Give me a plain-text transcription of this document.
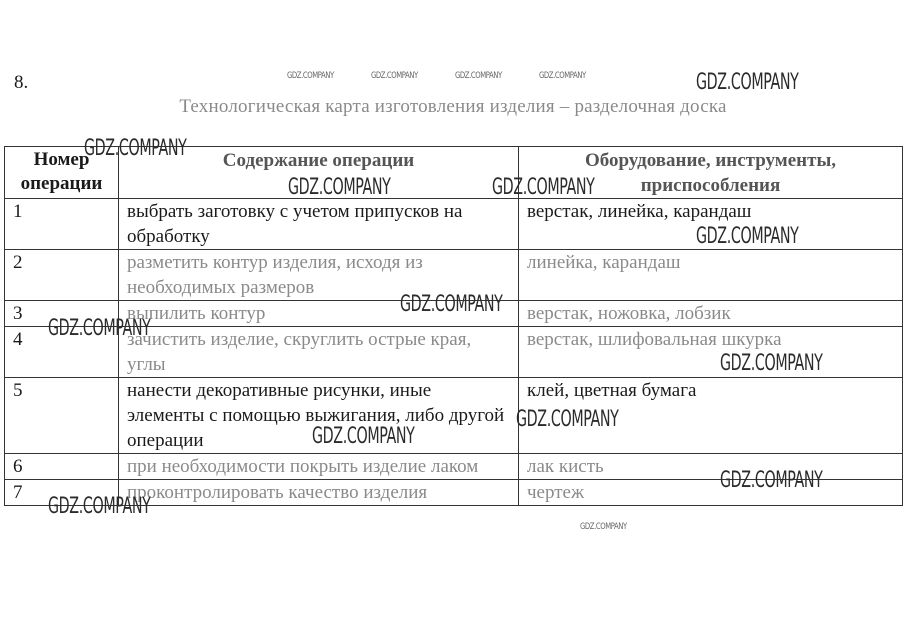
8.
Технологическая карта изготовления изделия – разделочная доска
Номер операции	Содержание операции	Оборудование, инструменты, приспособления
1	выбрать заготовку с учетом припусков на обработку	верстак, линейка, карандаш
2	разметить контур изделия, исходя из необходимых размеров	линейка, карандаш
3	выпилить контур	верстак, ножовка, лобзик
4	зачистить изделие, скруглить острые края, углы	верстак, шлифовальная шкурка
5	нанести декоративные рисунки, иные элементы с помощью выжигания, либо другой операции	клей, цветная бумага
6	при необходимости покрыть изделие лаком	лак кисть
7	проконтролировать качество изделия	чертеж
GDZ.COMPANY	GDZ.COMPANY	GDZ.COMPANY	GDZ.COMPANY	GDZ.COMPANY
GDZ.COMPANY
GDZ.COMPANY	GDZ.COMPANY
GDZ.COMPANY
GDZ.COMPANY
GDZ.COMPANY
GDZ.COMPANY
GDZ.COMPANY
GDZ.COMPANY
GDZ.COMPANY
GDZ.COMPANY
GDZ.COMPANY
